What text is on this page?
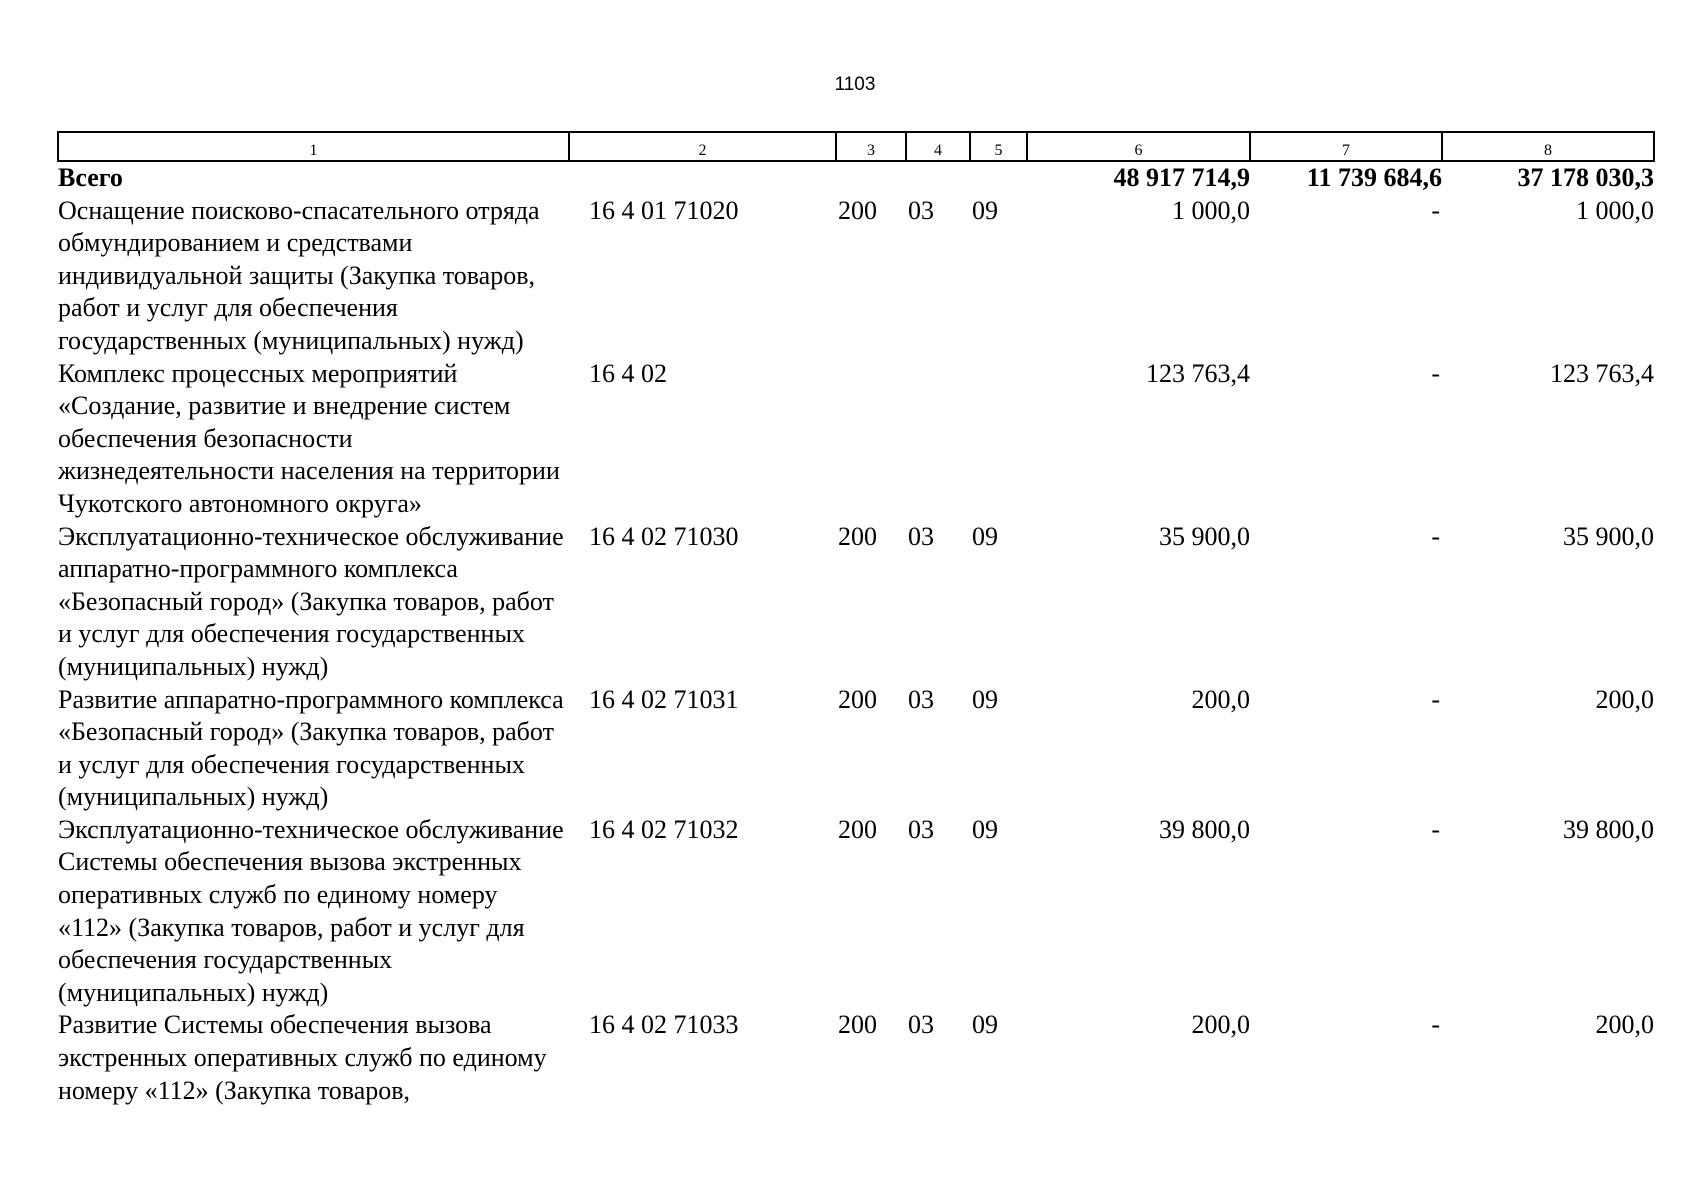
1103
1	2	3	4	5	6	7	8
Всего					48 917 714,9	11 739 684,6	37 178 030,3
Оснащение поисково-спасательного отряда обмундированием и средствами индивидуальной защиты (Закупка товаров, работ и услуг для обеспечения государственных (муниципальных) нужд)	16 4 01 71020	200	03	09	1 000,0	-	1 000,0
Комплекс процессных мероприятий «Создание, развитие и внедрение систем обеспечения безопасности жизнедеятельности населения на территории Чукотского автономного округа»	16 4 02				123 763,4	-	123 763,4
Эксплуатационно-техническое обслуживание аппаратно-программного комплекса «Безопасный город» (Закупка товаров, работ и услуг для обеспечения государственных (муниципальных) нужд)	16 4 02 71030	200	03	09	35 900,0	-	35 900,0
Развитие аппаратно-программного комплекса «Безопасный город» (Закупка товаров, работ и услуг для обеспечения государственных (муниципальных) нужд)	16 4 02 71031	200	03	09	200,0	-	200,0
Эксплуатационно-техническое обслуживание Системы обеспечения вызова экстренных оперативных служб по единому номеру «112» (Закупка товаров, работ и услуг для обеспечения государственных (муниципальных) нужд)	16 4 02 71032	200	03	09	39 800,0	-	39 800,0
Развитие Системы обеспечения вызова экстренных оперативных служб по единому номеру «112» (Закупка товаров,	16 4 02 71033	200	03	09	200,0	-	200,0
